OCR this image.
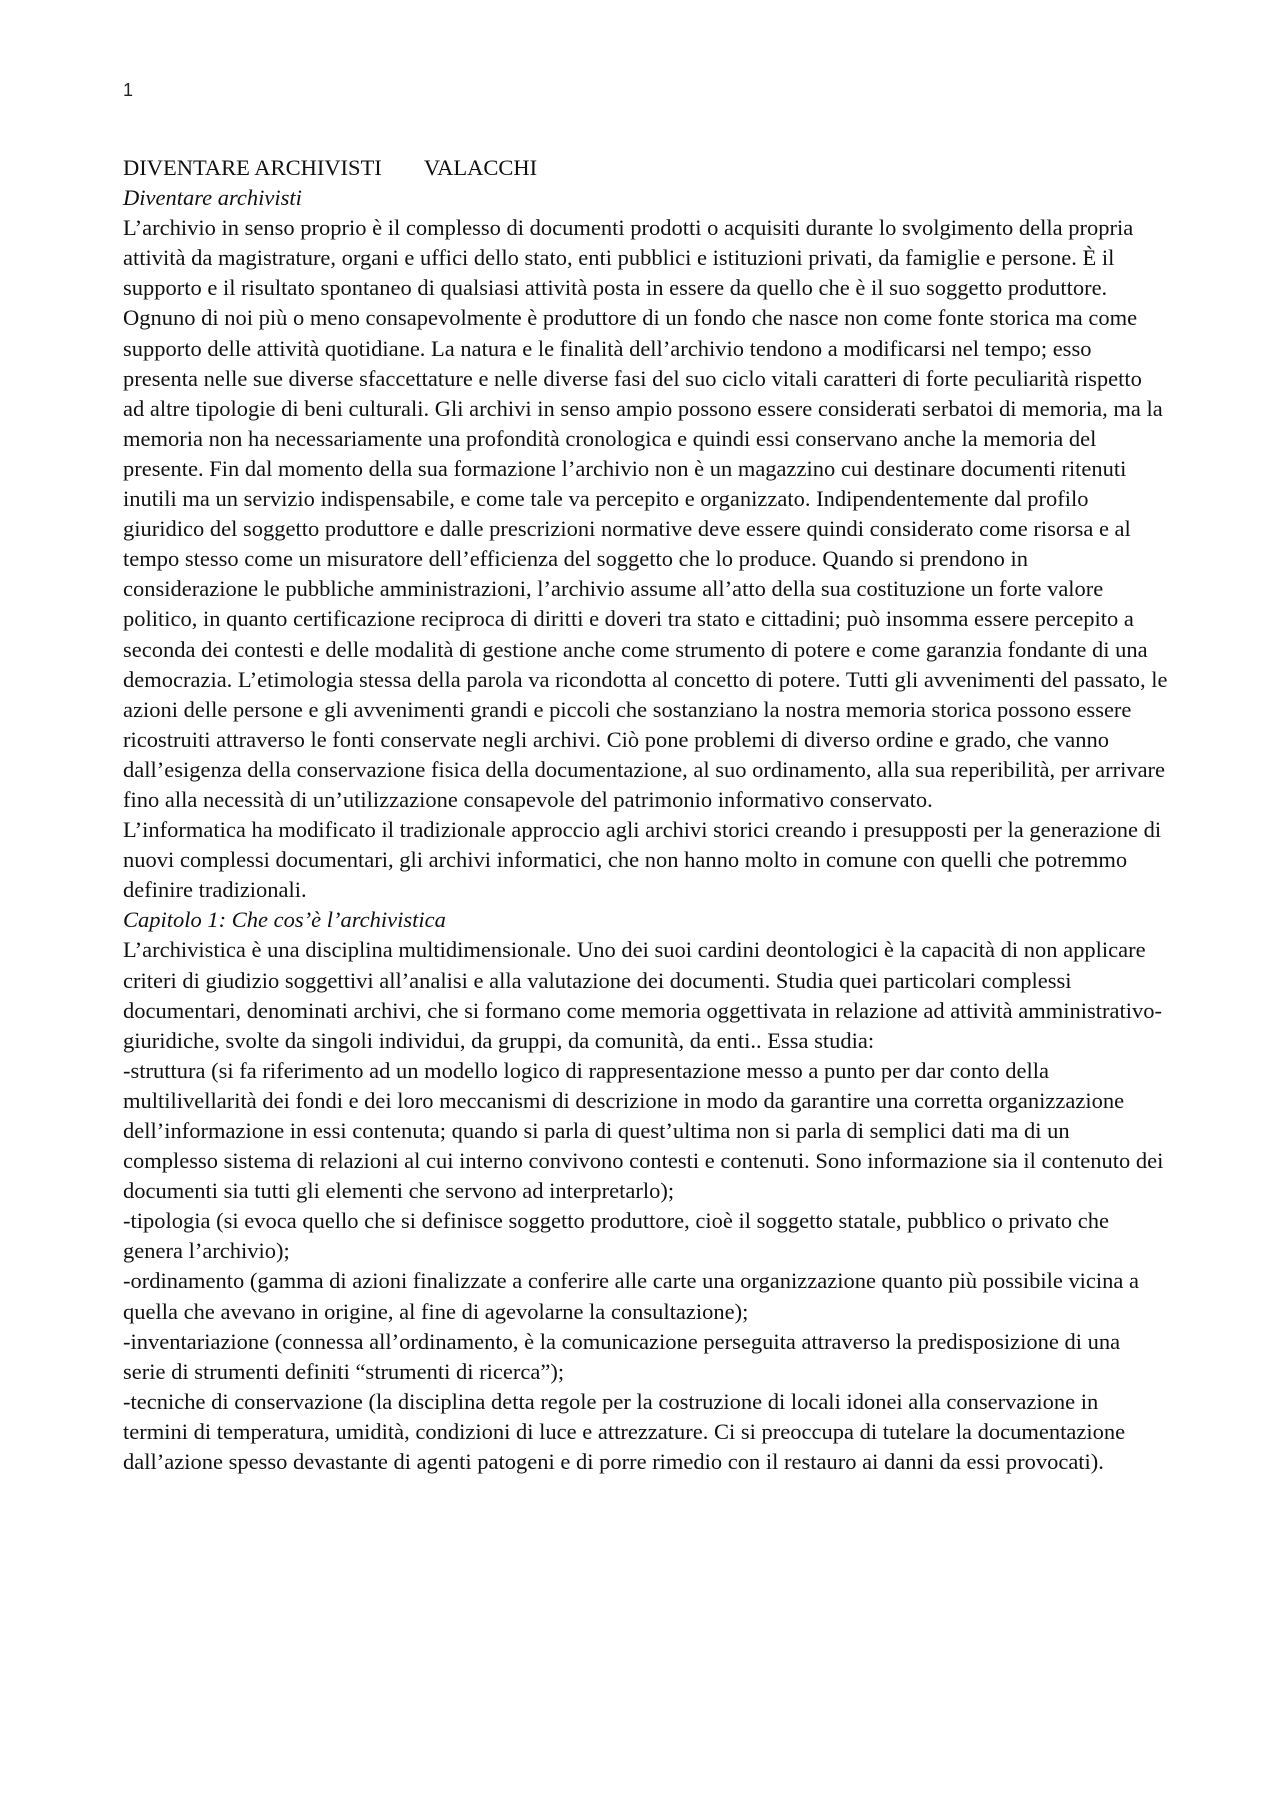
1
DIVENTARE ARCHIVISTI VALACCHI

Diventare archivisti

L’archivio in senso proprio è il complesso di documenti prodotti o acquisiti durante lo svolgimento della propria attività da magistrature, organi e uffici dello stato, enti pubblici e istituzioni privati, da famiglie e persone. È il supporto e il risultato spontaneo di qualsiasi attività posta in essere da quello che è il suo soggetto produttore. Ognuno di noi più o meno consapevolmente è produttore di un fondo che nasce non come fonte storica ma come supporto delle attività quotidiane. La natura e le finalità dell’archivio tendono a modificarsi nel tempo; esso presenta nelle sue diverse sfaccettature e nelle diverse fasi del suo ciclo vitali caratteri di forte peculiarità rispetto ad altre tipologie di beni culturali. Gli archivi in senso ampio possono essere considerati serbatoi di memoria, ma la memoria non ha necessariamente una profondità cronologica e quindi essi conservano anche la memoria del presente. Fin dal momento della sua formazione l’archivio non è un magazzino cui destinare documenti ritenuti inutili ma un servizio indispensabile, e come tale va percepito e organizzato. Indipendentemente dal profilo giuridico del soggetto produttore e dalle prescrizioni normative deve essere quindi considerato come risorsa e al tempo stesso come un misuratore dell’efficienza del soggetto che lo produce. Quando si prendono in considerazione le pubbliche amministrazioni, l’archivio assume all’atto della sua costituzione un forte valore politico, in quanto certificazione reciproca di diritti e doveri tra stato e cittadini; può insomma essere percepito a seconda dei contesti e delle modalità di gestione anche come strumento di potere e come garanzia fondante di una democrazia. L’etimologia stessa della parola va ricondotta al concetto di potere. Tutti gli avvenimenti del passato, le azioni delle persone e gli avvenimenti grandi e piccoli che sostanziano la nostra memoria storica possono essere ricostruiti attraverso le fonti conservate negli archivi. Ciò pone problemi di diverso ordine e grado, che vanno dall’esigenza della conservazione fisica della documentazione, al suo ordinamento, alla sua reperibilità, per arrivare fino alla necessità di un’utilizzazione consapevole del patrimonio informativo conservato.

L’informatica ha modificato il tradizionale approccio agli archivi storici creando i presupposti per la generazione di nuovi complessi documentari, gli archivi informatici, che non hanno molto in comune con quelli che potremmo definire tradizionali.

Capitolo 1: Che cos’è l’archivistica

L’archivistica è una disciplina multidimensionale. Uno dei suoi cardini deontologici è la capacità di non applicare criteri di giudizio soggettivi all’analisi e alla valutazione dei documenti. Studia quei particolari complessi documentari, denominati archivi, che si formano come memoria oggettivata in relazione ad attività amministrativo-giuridiche, svolte da singoli individui, da gruppi, da comunità, da enti.. Essa studia:

-struttura (si fa riferimento ad un modello logico di rappresentazione messo a punto per dar conto della multilivellarità dei fondi e dei loro meccanismi di descrizione in modo da garantire una corretta organizzazione dell’informazione in essi contenuta; quando si parla di quest’ultima non si parla di semplici dati ma di un complesso sistema di relazioni al cui interno convivono contesti e contenuti. Sono informazione sia il contenuto dei documenti sia tutti gli elementi che servono ad interpretarlo);

-tipologia (si evoca quello che si definisce soggetto produttore, cioè il soggetto statale, pubblico o privato che genera l’archivio);

-ordinamento (gamma di azioni finalizzate a conferire alle carte una organizzazione quanto più possibile vicina a quella che avevano in origine, al fine di agevolarne la consultazione);

-inventariazione (connessa all’ordinamento, è la comunicazione perseguita attraverso la predisposizione di una serie di strumenti definiti “strumenti di ricerca”);

-tecniche di conservazione (la disciplina detta regole per la costruzione di locali idonei alla conservazione in termini di temperatura, umidità, condizioni di luce e attrezzature. Ci si preoccupa di tutelare la documentazione dall’azione spesso devastante di agenti patogeni e di porre rimedio con il restauro ai danni da essi provocati).
